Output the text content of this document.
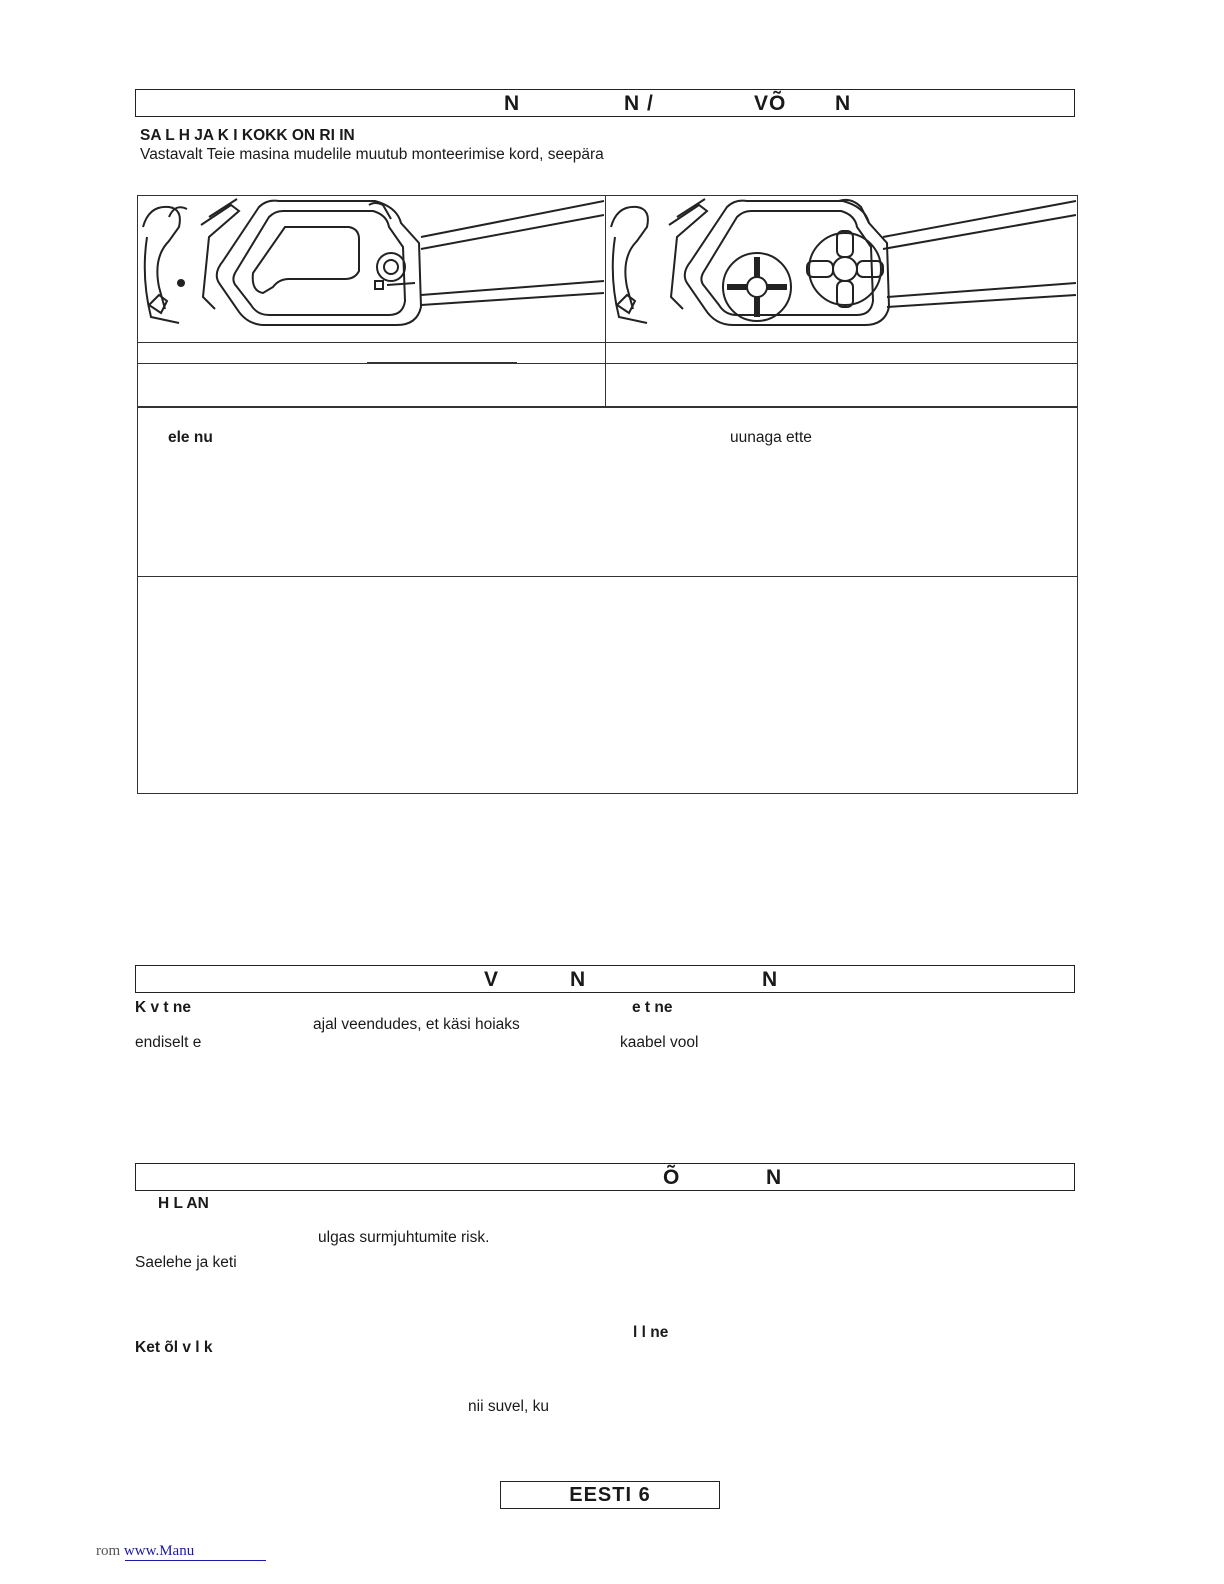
N	N /	VÕ N
SA L H JA K I KOKK ON RI IN
Vastavalt Teie masina mudelile muutub monteerimise kord, seepära
ele nu	uunaga ette
V	N	N
K v t ne	e t ne
ajal veendudes, et käsi hoiaks
endiselt e	kaabel vool
Õ	N
H L AN
ulgas surmjuhtumite risk.
Saelehe ja keti
l l ne
Ket õl v l k
nii suvel, ku
EESTI 6
rom www.Manu
